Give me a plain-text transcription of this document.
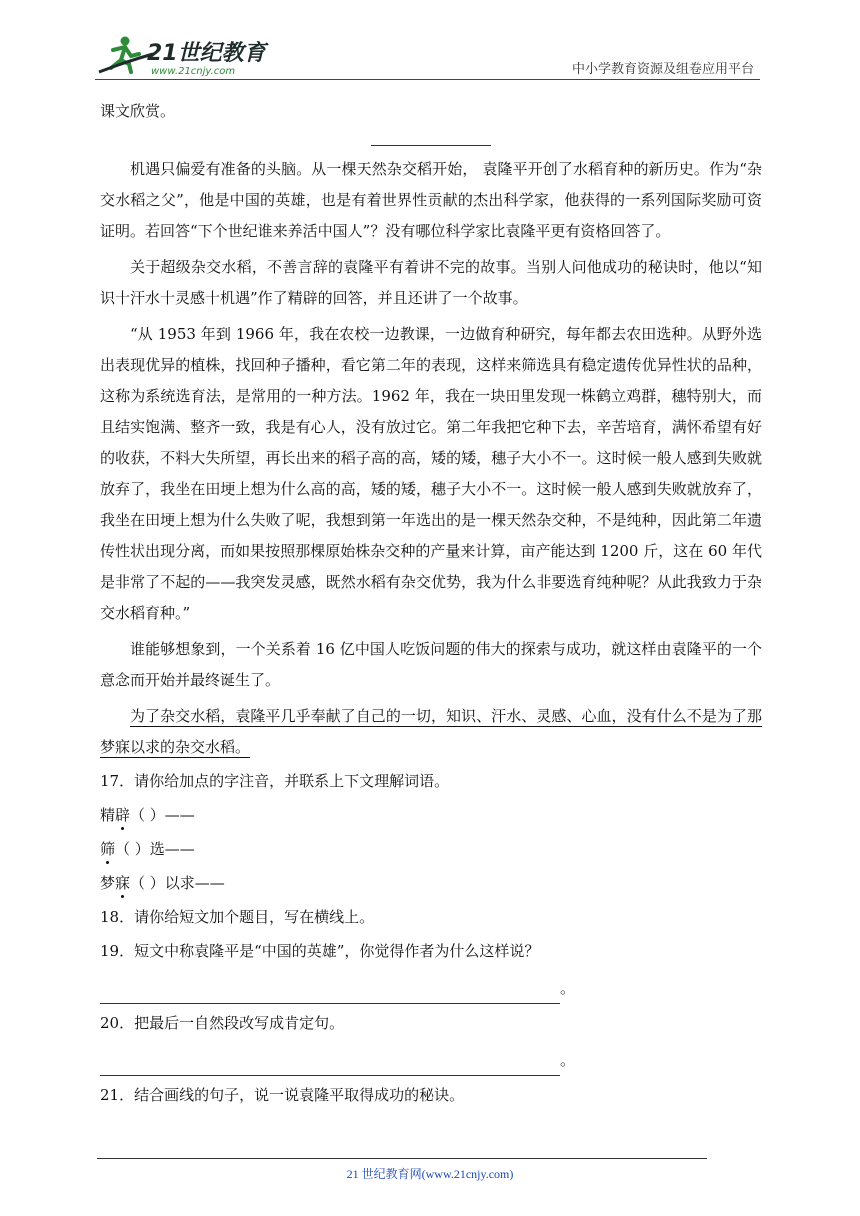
21世纪教育
www.21cnjy.com	中小学教育资源及组卷应用平台

课文欣赏。

机遇只偏爱有准备的头脑。从一棵天然杂交稻开始， 袁隆平开创了水稻育种的新历史。作为“杂交水稻之父”，他是中国的英雄，也是有着世界性贡献的杰出科学家，他获得的一系列国际奖励可资证明。若回答“下个世纪谁来养活中国人”？没有哪位科学家比袁隆平更有资格回答了。

关于超级杂交水稻，不善言辞的袁隆平有着讲不完的故事。当别人问他成功的秘诀时，他以“知识十汗水十灵感十机遇”作了精辟的回答，并且还讲了一个故事。

“从 1953 年到 1966 年，我在农校一边教课，一边做育种研究，每年都去农田选种。从野外选出表现优异的植株，找回种子播种，看它第二年的表现，这样来筛选具有稳定遗传优异性状的品种，这称为系统选育法，是常用的一种方法。1962 年，我在一块田里发现一株鹤立鸡群，穗特别大，而且结实饱满、整齐一致，我是有心人，没有放过它。第二年我把它种下去，辛苦培育，满怀希望有好的收获，不料大失所望，再长出来的稻子高的高，矮的矮，穗子大小不一。这时候一般人感到失败就放弃了，我坐在田埂上想为什么高的高，矮的矮，穗子大小不一。这时候一般人感到失败就放弃了，我坐在田埂上想为什么失败了呢，我想到第一年选出的是一棵天然杂交种，不是纯种，因此第二年遗传性状出现分离，而如果按照那棵原始株杂交种的产量来计算，亩产能达到 1200 斤，这在 60 年代是非常了不起的——我突发灵感，既然水稻有杂交优势，我为什么非要选育纯种呢？从此我致力于杂交水稻育种。”

谁能够想象到，一个关系着 16 亿中国人吃饭问题的伟大的探索与成功，就这样由袁隆平的一个意念而开始并最终诞生了。

为了杂交水稻，袁隆平几乎奉献了自己的一切，知识、汗水、灵感、心血，没有什么不是为了那梦寐以求的杂交水稻。

17．请你给加点的字注音，并联系上下文理解词语。

精辟
（ ）——

筛
（ ）选——

梦寐
（ ）以求——

18．请你给短文加个题目，写在横线上。

19．短文中称袁隆平是“中国的英雄”，你觉得作者为什么这样说？

。

20．把最后一自然段改写成肯定句。

。

21．结合画线的句子，说一说袁隆平取得成功的秘诀。

21 世纪教育网(www.21cnjy.com)
